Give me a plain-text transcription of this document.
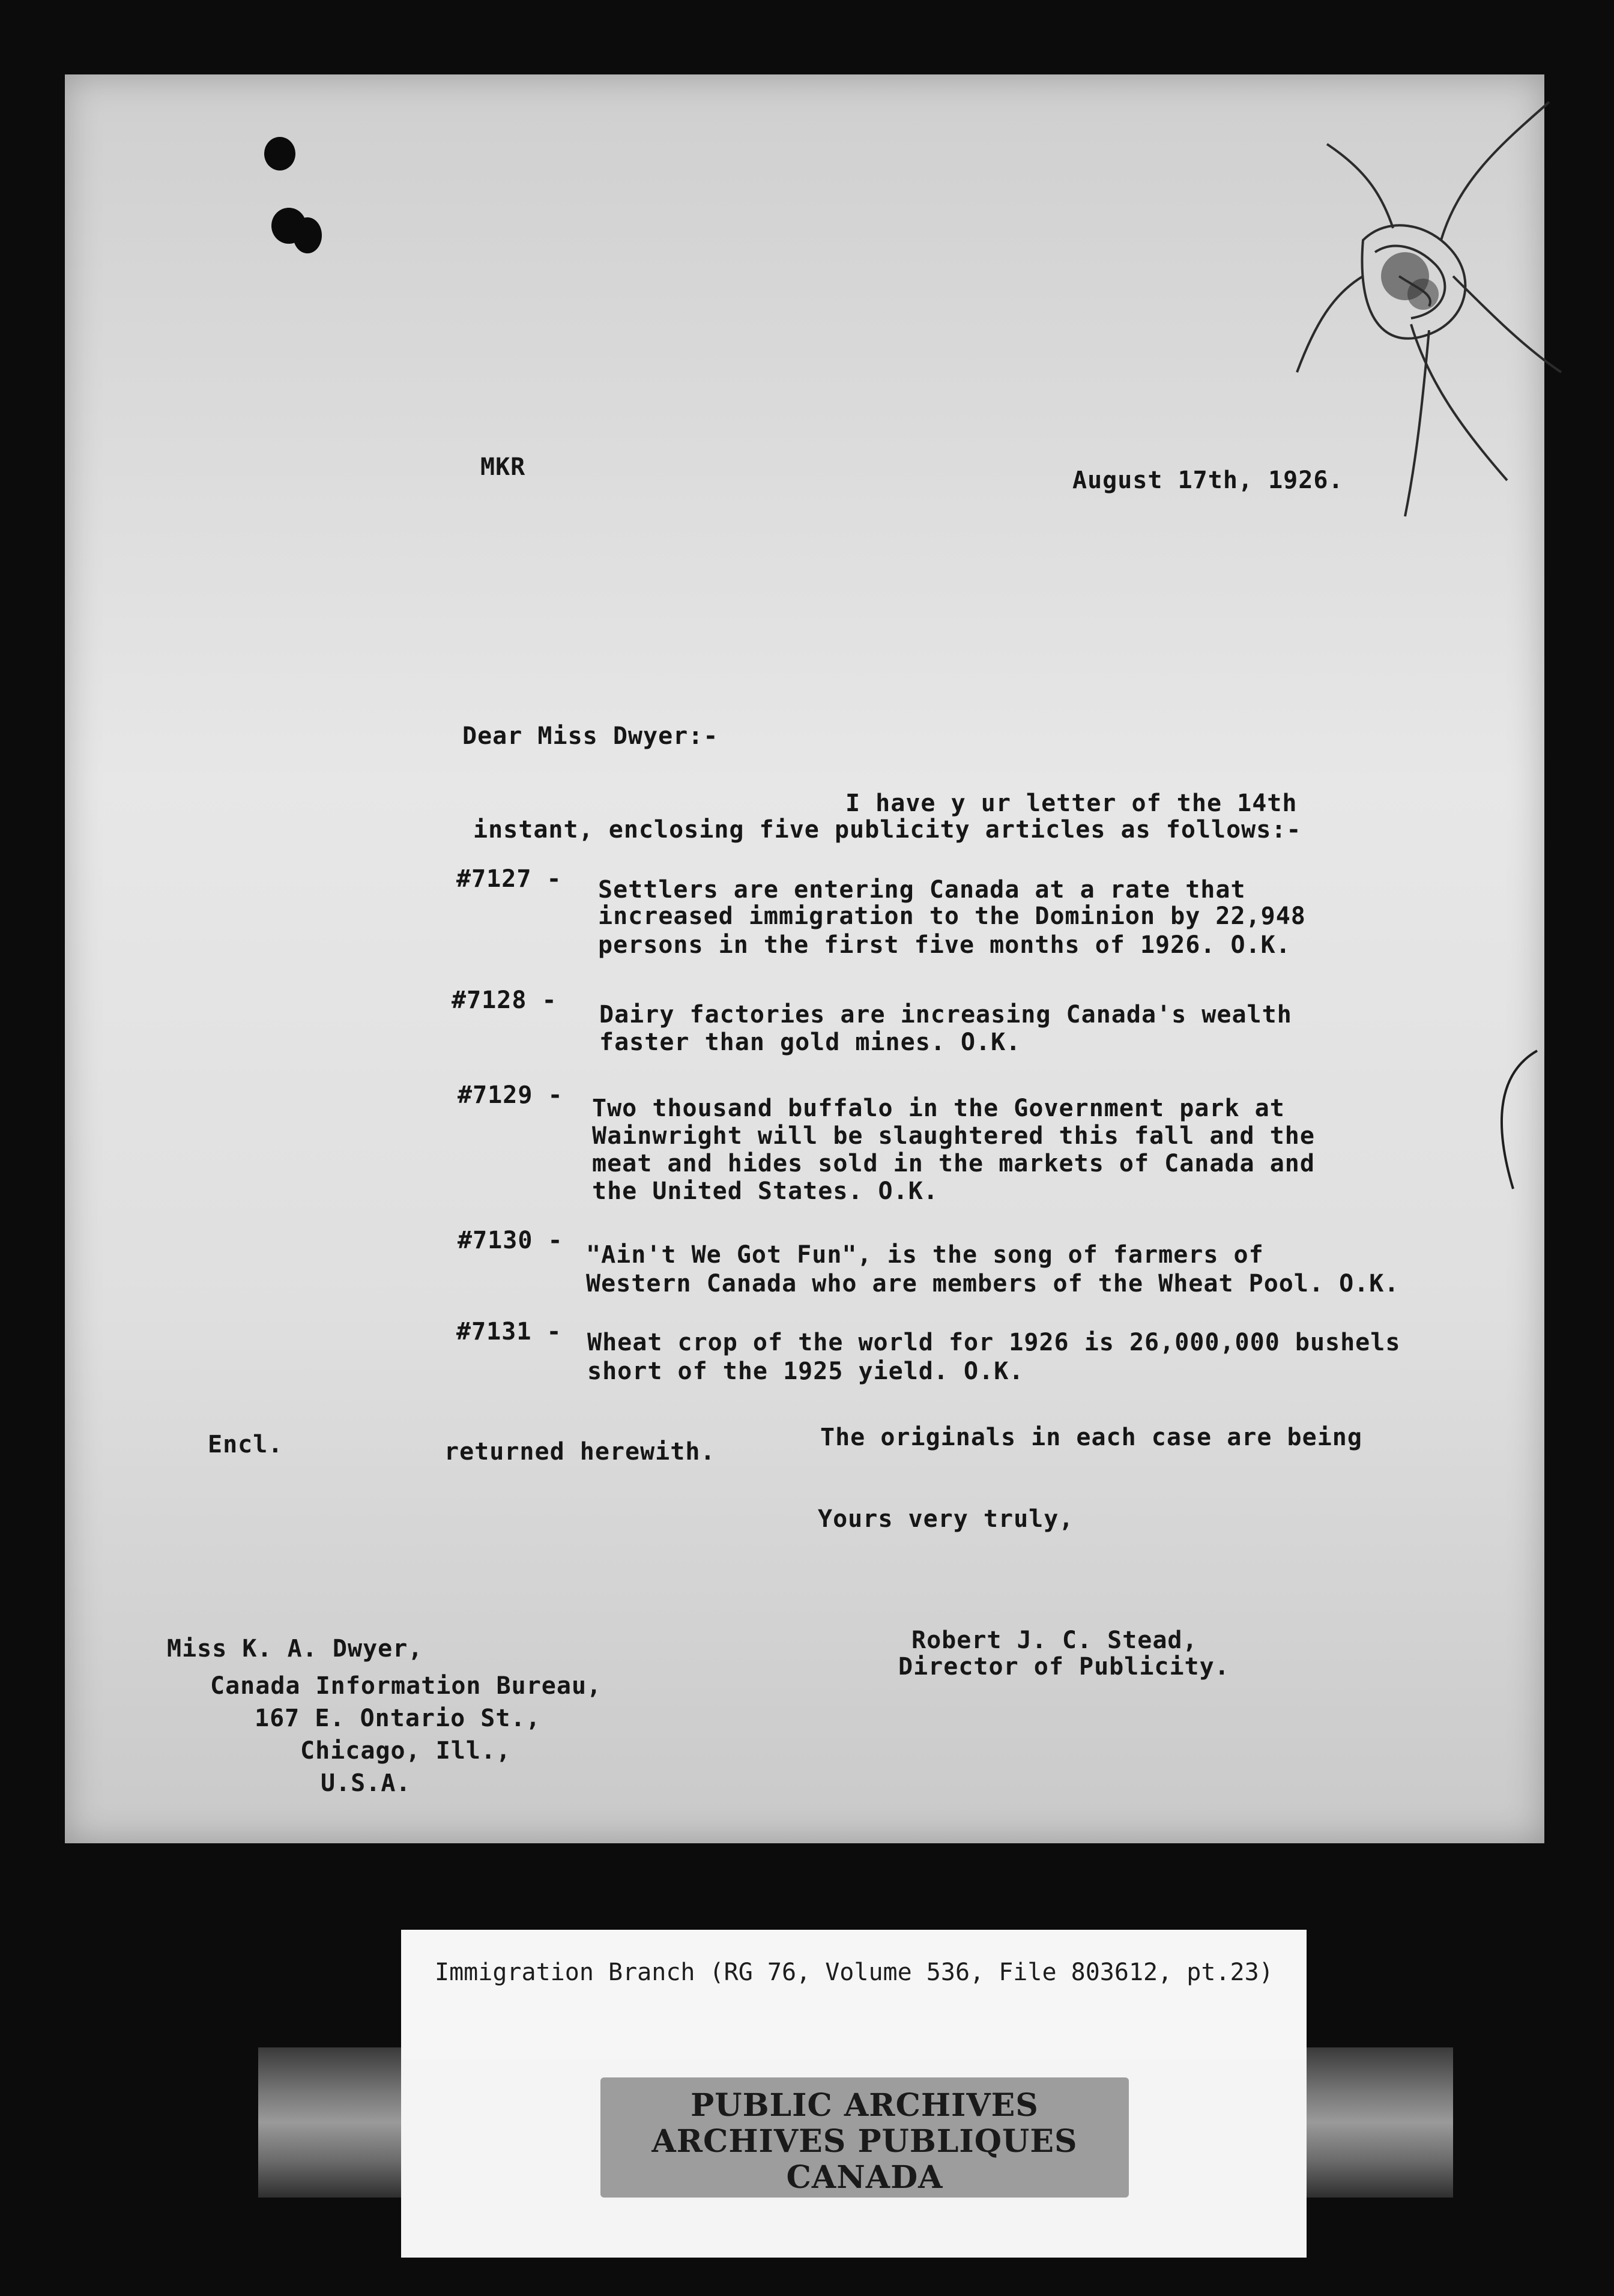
MKR	August 17th, 1926.
Dear Miss Dwyer:-
I have y ur letter of the 14th
instant, enclosing five publicity articles as follows:-
#7127 - Settlers are entering Canada at a rate that
increased immigration to the Dominion by 22,948
persons in the first five months of 1926. O.K.
#7128 -
Dairy factories are increasing Canada's wealth
faster than gold mines. O.K.
#7129 - Two thousand buffalo in the Government park at
Wainwright will be slaughtered this fall and the
meat and hides sold in the markets of Canada and
the United States. O.K.
#7130 -
"Ain't We Got Fun", is the song of farmers of
Western Canada who are members of the Wheat Pool. O.K.
#7131 - Wheat crop of the world for 1926 is 26,000,000 bushels
short of the 1925 yield. O.K.
The originals in each case are being
Encl.	returned herewith.
Yours very truly,
Robert J. C. Stead,
Director of Publicity.
Miss K. A. Dwyer,
Canada Information Bureau,
167 E. Ontario St.,
Chicago, Ill.,
U.S.A.
Immigration Branch (RG 76, Volume 536, File 803612, pt.23)
PUBLIC ARCHIVES
ARCHIVES PUBLIQUES
CANADA
